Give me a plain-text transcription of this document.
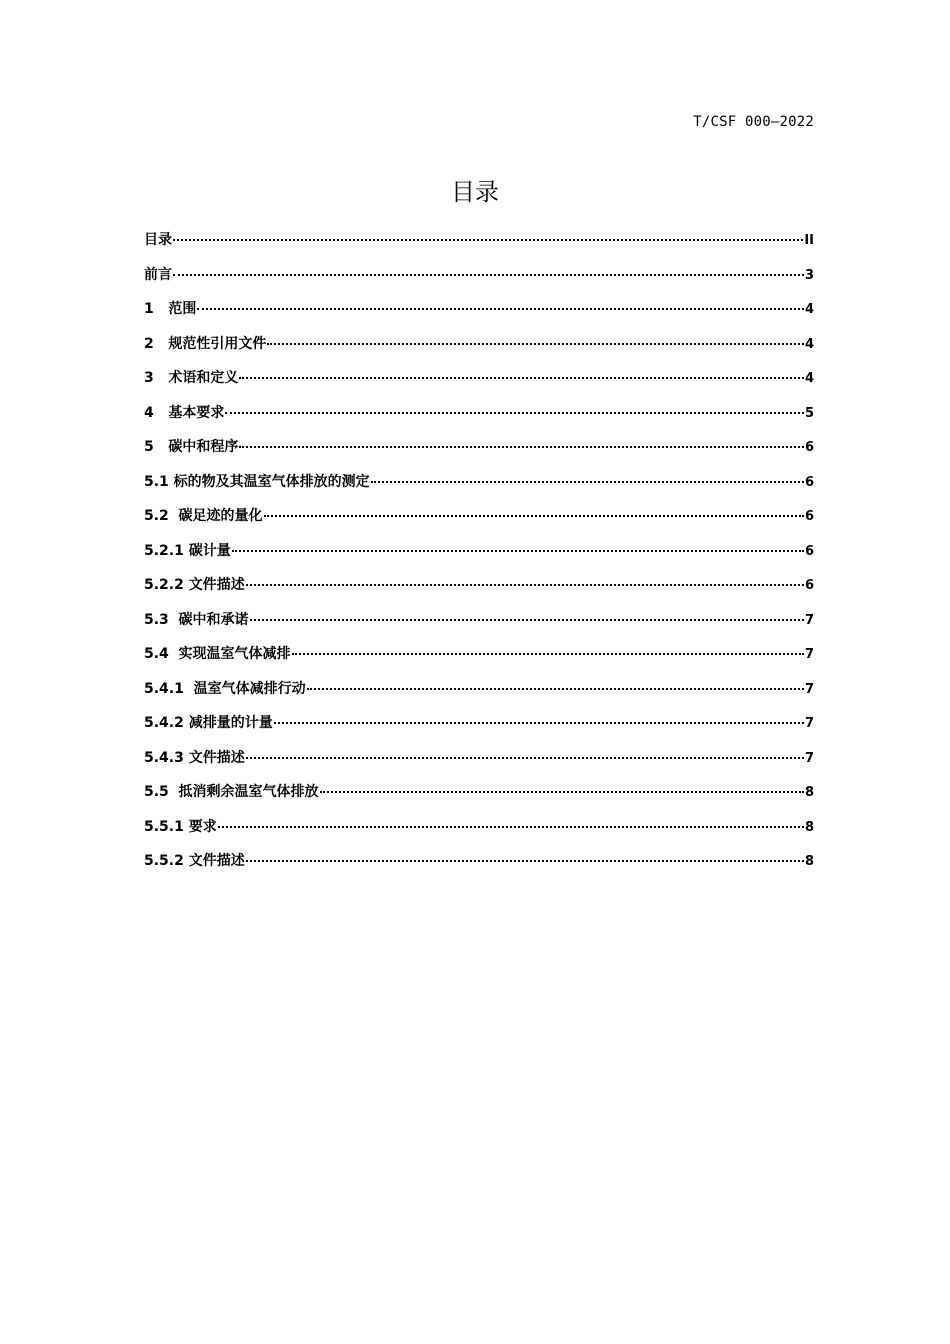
T/CSF 000—2022
目录
目录	II
前言	3
1   范围	4
2   规范性引用文件	4
3   术语和定义	4
4   基本要求	5
5   碳中和程序	6
5.1 标的物及其温室气体排放的测定	6
5.2  碳足迹的量化	6
5.2.1 碳计量	6
5.2.2 文件描述	6
5.3  碳中和承诺	7
5.4  实现温室气体减排	7
5.4.1  温室气体减排行动	7
5.4.2 减排量的计量	7
5.4.3 文件描述	7
5.5  抵消剩余温室气体排放	8
5.5.1 要求	8
5.5.2 文件描述	8
